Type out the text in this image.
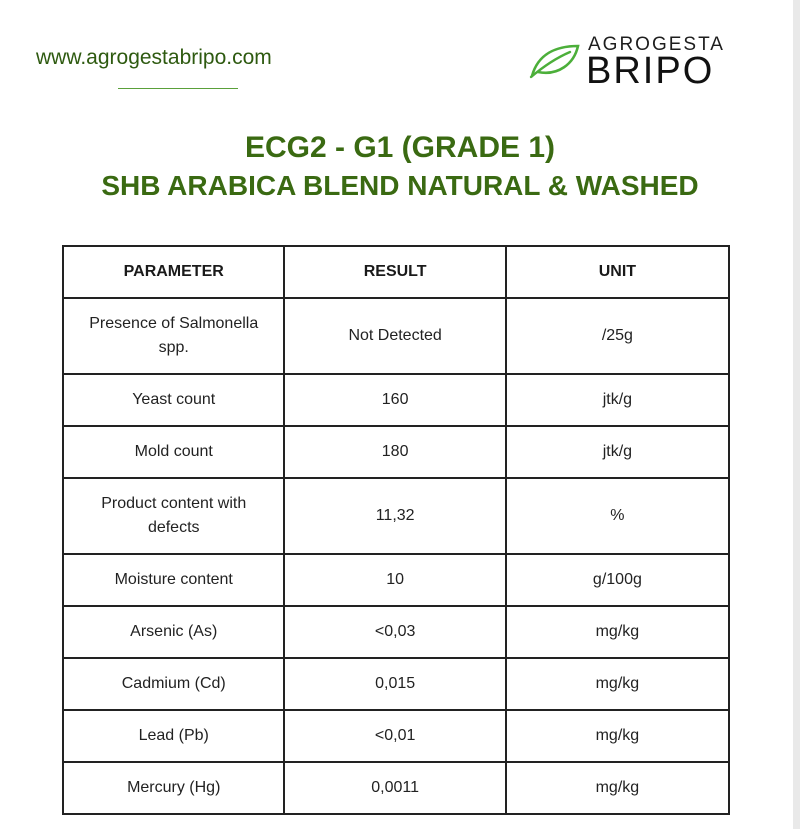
www.agrogestabripo.com
AGROGESTA
BRIPO
ECG2 - G1 (GRADE 1)
SHB ARABICA BLEND NATURAL & WASHED
PARAMETER	RESULT	UNIT
Presence of Salmonella spp.	Not Detected	/25g
Yeast count	160	jtk/g
Mold count	180	jtk/g
Product content with defects	11,32	%
Moisture content	10	g/100g
Arsenic (As)	<0,03	mg/kg
Cadmium (Cd)	0,015	mg/kg
Lead (Pb)	<0,01	mg/kg
Mercury (Hg)	0,0011	mg/kg
